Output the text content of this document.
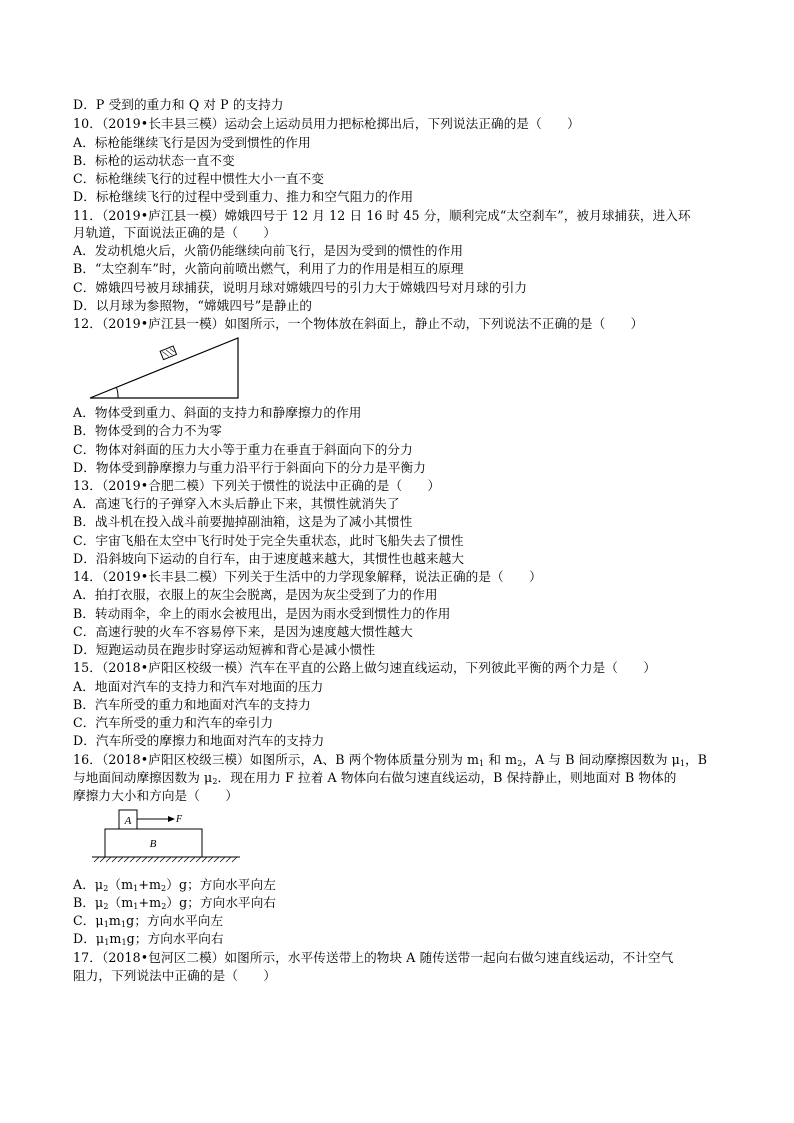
D．P 受到的重力和 Q 对 P 的支持力
10．（2019•长丰县三模）运动会上运动员用力把标枪掷出后，下列说法正确的是（　　）
A．标枪能继续飞行是因为受到惯性的作用
B．标枪的运动状态一直不变
C．标枪继续飞行的过程中惯性大小一直不变
D．标枪继续飞行的过程中受到重力、推力和空气阻力的作用
11．（2019•庐江县一模）嫦娥四号于 12 月 12 日 16 时 45 分，顺利完成“太空刹车”，被月球捕获，进入环
月轨道，下面说法正确的是（　　）
A．发动机熄火后，火箭仍能继续向前飞行，是因为受到的惯性的作用
B．“太空刹车”时，火箭向前喷出燃气，利用了力的作用是相互的原理
C．嫦娥四号被月球捕获，说明月球对嫦娥四号的引力大于嫦娥四号对月球的引力
D．以月球为参照物，“嫦娥四号”是静止的
12．（2019•庐江县一模）如图所示，一个物体放在斜面上，静止不动，下列说法不正确的是（　　）
A．物体受到重力、斜面的支持力和静摩擦力的作用
B．物体受到的合力不为零
C．物体对斜面的压力大小等于重力在垂直于斜面向下的分力
D．物体受到静摩擦力与重力沿平行于斜面向下的分力是平衡力
13．（2019•合肥二模）下列关于惯性的说法中正确的是（　　）
A．高速飞行的子弹穿入木头后静止下来，其惯性就消失了
B．战斗机在投入战斗前要抛掉副油箱，这是为了减小其惯性
C．宇宙飞船在太空中飞行时处于完全失重状态，此时飞船失去了惯性
D．沿斜坡向下运动的自行车，由于速度越来越大，其惯性也越来越大
14．（2019•长丰县二模）下列关于生活中的力学现象解释，说法正确的是（　　）
A．拍打衣服，衣服上的灰尘会脱离，是因为灰尘受到了力的作用
B．转动雨伞，伞上的雨水会被甩出，是因为雨水受到惯性力的作用
C．高速行驶的火车不容易停下来，是因为速度越大惯性越大
D．短跑运动员在跑步时穿运动短裤和背心是减小惯性
15．（2018•庐阳区校级一模）汽车在平直的公路上做匀速直线运动，下列彼此平衡的两个力是（　　）
A．地面对汽车的支持力和汽车对地面的压力
B．汽车所受的重力和地面对汽车的支持力
C．汽车所受的重力和汽车的牵引力
D．汽车所受的摩擦力和地面对汽车的支持力
16．（2018•庐阳区校级三模）如图所示，A、B 两个物体质量分别为 $m_1$ 和 $m_2$，A 与 B 间动摩擦因数为 $\mu_1$，B
与地面间动摩擦因数为 $\mu_2$．现在用力 F 拉着 A 物体向右做匀速直线运动，B 保持静止，则地面对 B 物体的
摩擦力大小和方向是（　　）
A	F
B
A．$\mu_2(m_1+m_2)g$；方向水平向左
B．$\mu_2(m_1+m_2)g$；方向水平向右
C．$\mu_1m_1g$；方向水平向左
D．$\mu_1m_1g$；方向水平向右
17．（2018•包河区二模）如图所示，水平传送带上的物块 A 随传送带一起向右做匀速直线运动，不计空气
阻力，下列说法中正确的是（　　）
